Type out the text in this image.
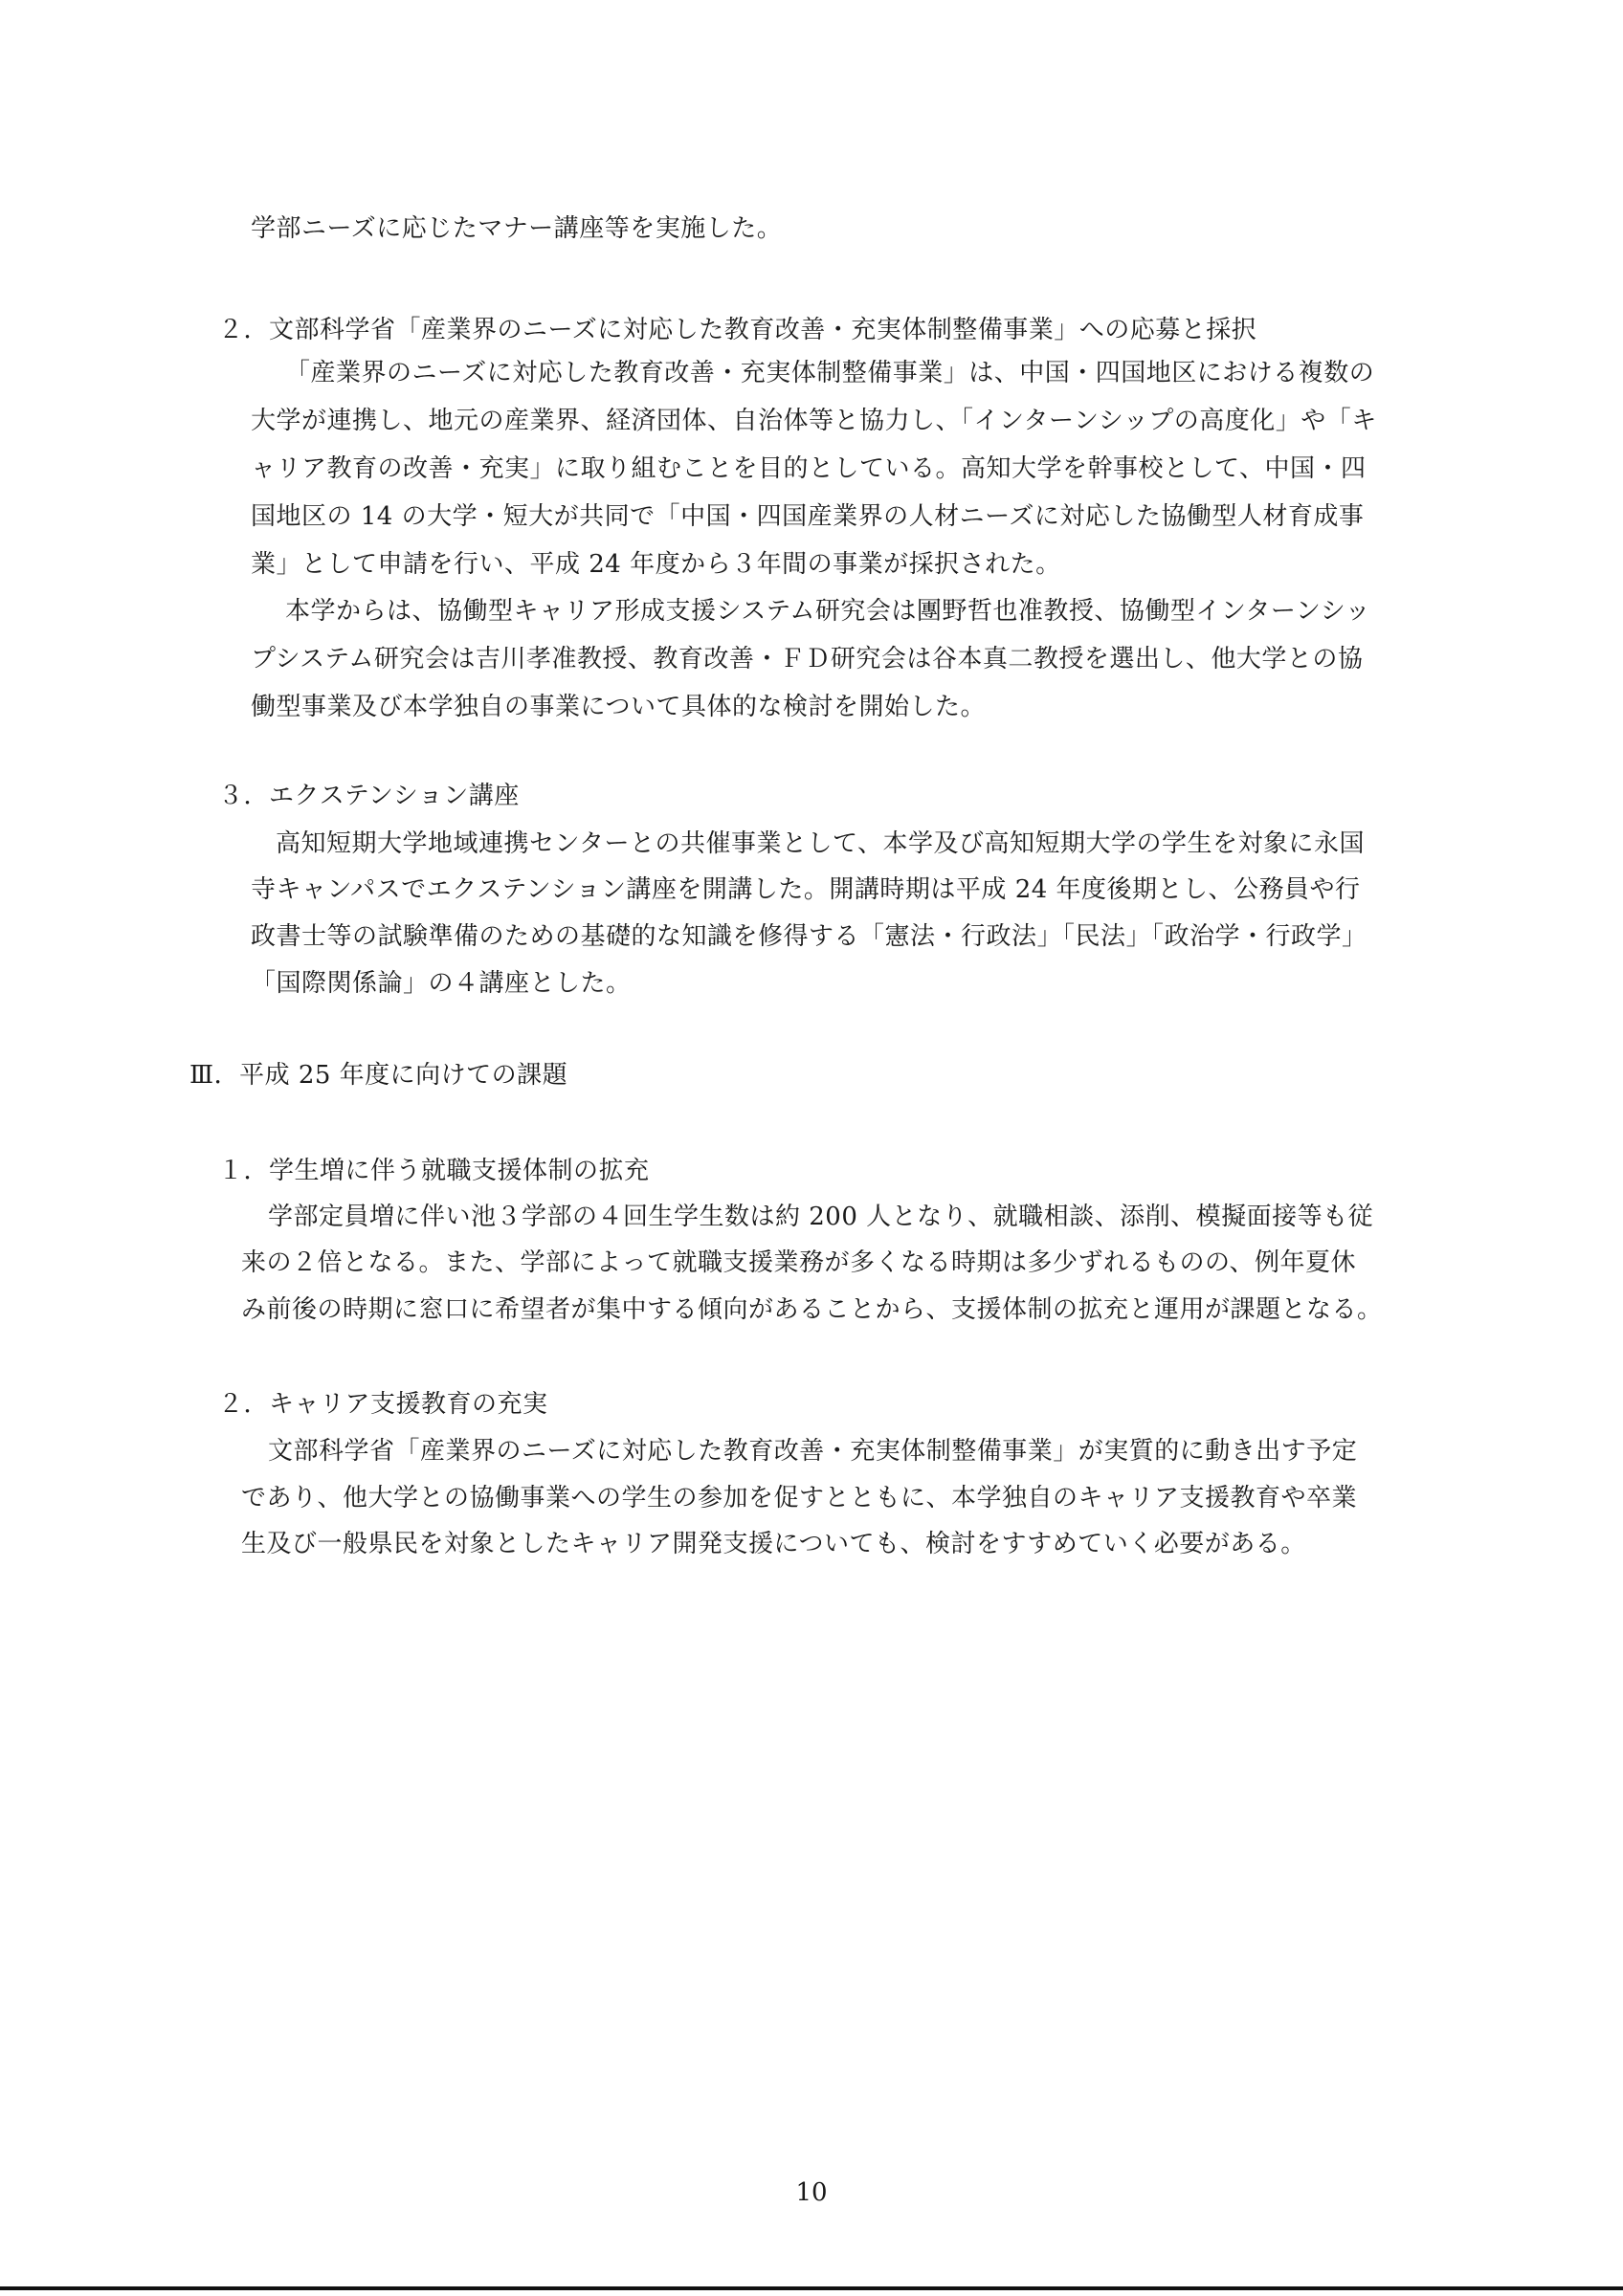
学部ニーズに応じたマナー講座等を実施した。
２．文部科学省「産業界のニーズに対応した教育改善・充実体制整備事業」への応募と採択
「産業界のニーズに対応した教育改善・充実体制整備事業」は、中国・四国地区における複数の
大学が連携し、地元の産業界、経済団体、自治体等と協力し、「インターンシップの高度化」や「キ
ャリア教育の改善・充実」に取り組むことを目的としている。高知大学を幹事校として、中国・四
国地区の 14 の大学・短大が共同で「中国・四国産業界の人材ニーズに対応した協働型人材育成事
業」として申請を行い、平成 24 年度から３年間の事業が採択された。
本学からは、協働型キャリア形成支援システム研究会は團野哲也准教授、協働型インターンシッ
プシステム研究会は吉川孝准教授、教育改善・ＦＤ研究会は谷本真二教授を選出し、他大学との協
働型事業及び本学独自の事業について具体的な検討を開始した。
３．エクステンション講座
高知短期大学地域連携センターとの共催事業として、本学及び高知短期大学の学生を対象に永国
寺キャンパスでエクステンション講座を開講した。開講時期は平成 24 年度後期とし、公務員や行
政書士等の試験準備のための基礎的な知識を修得する「憲法・行政法」「民法」「政治学・行政学」
「国際関係論」の４講座とした。
Ⅲ．平成 25 年度に向けての課題
１．学生増に伴う就職支援体制の拡充
学部定員増に伴い池３学部の４回生学生数は約 200 人となり、就職相談、添削、模擬面接等も従
来の２倍となる。また、学部によって就職支援業務が多くなる時期は多少ずれるものの、例年夏休
み前後の時期に窓口に希望者が集中する傾向があることから、支援体制の拡充と運用が課題となる。
２．キャリア支援教育の充実
文部科学省「産業界のニーズに対応した教育改善・充実体制整備事業」が実質的に動き出す予定
であり、他大学との協働事業への学生の参加を促すとともに、本学独自のキャリア支援教育や卒業
生及び一般県民を対象としたキャリア開発支援についても、検討をすすめていく必要がある。
10
